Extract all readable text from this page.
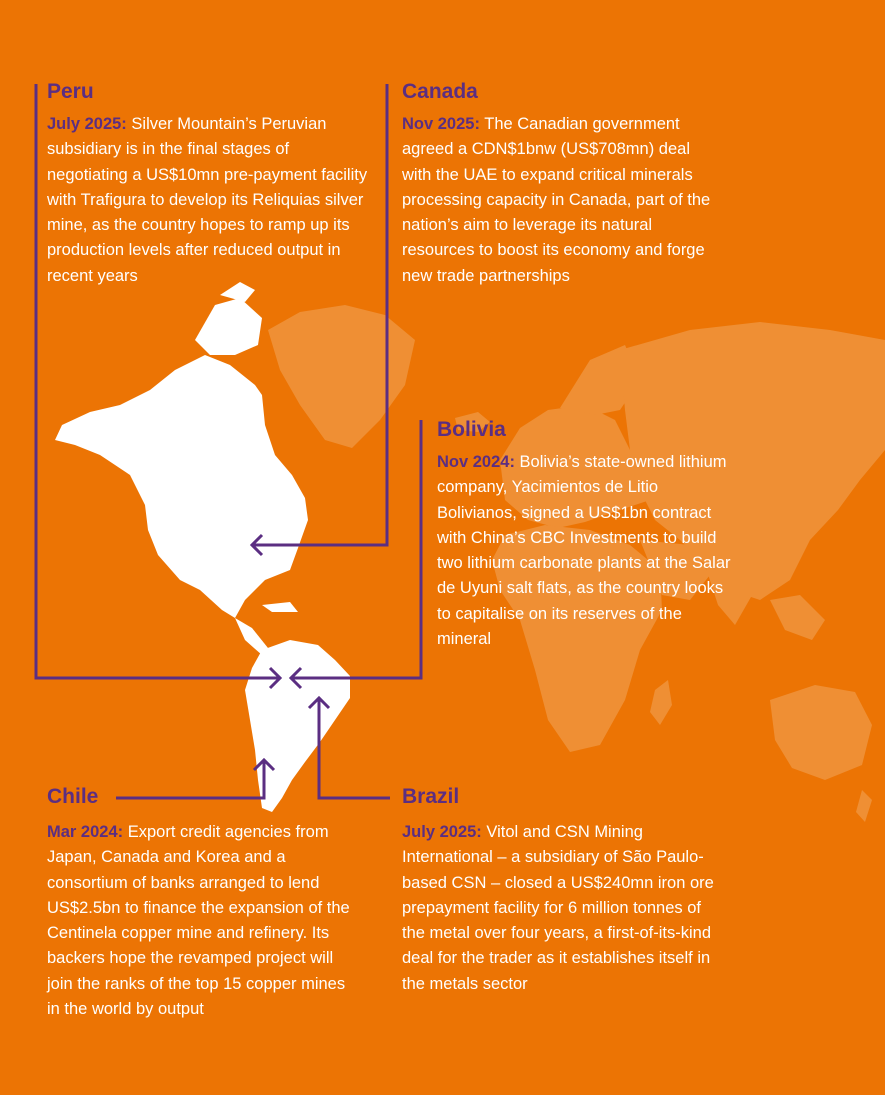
Peru

July 2025: Silver Mountain’s Peruvian subsidiary is in the final stages of negotiating a US$10mn pre-payment facility with Trafigura to develop its Reliquias silver mine, as the country hopes to ramp up its production levels after reduced output in recent years

Canada

Nov 2025: The Canadian government agreed a CDN$1bnw (US$708mn) deal with the UAE to expand critical minerals processing capacity in Canada, part of the nation’s aim to leverage its natural resources to boost its economy and forge new trade partnerships

Bolivia

Nov 2024: Bolivia’s state-owned lithium company, Yacimientos de Litio Bolivianos, signed a US$1bn contract with China’s CBC Investments to build two lithium carbonate plants at the Salar de Uyuni salt flats, as the country looks to capitalise on its reserves of the mineral

Chile

Mar 2024: Export credit agencies from Japan, Canada and Korea and a consortium of banks arranged to lend US$2.5bn to finance the expansion of the Centinela copper mine and refinery. Its backers hope the revamped project will join the ranks of the top 15 copper mines in the world by output

Brazil

July 2025: Vitol and CSN Mining International – a subsidiary of São Paulo-based CSN – closed a US$240mn iron ore prepayment facility for 6 million tonnes of the metal over four years, a first-of-its-kind deal for the trader as it establishes itself in the metals sector
